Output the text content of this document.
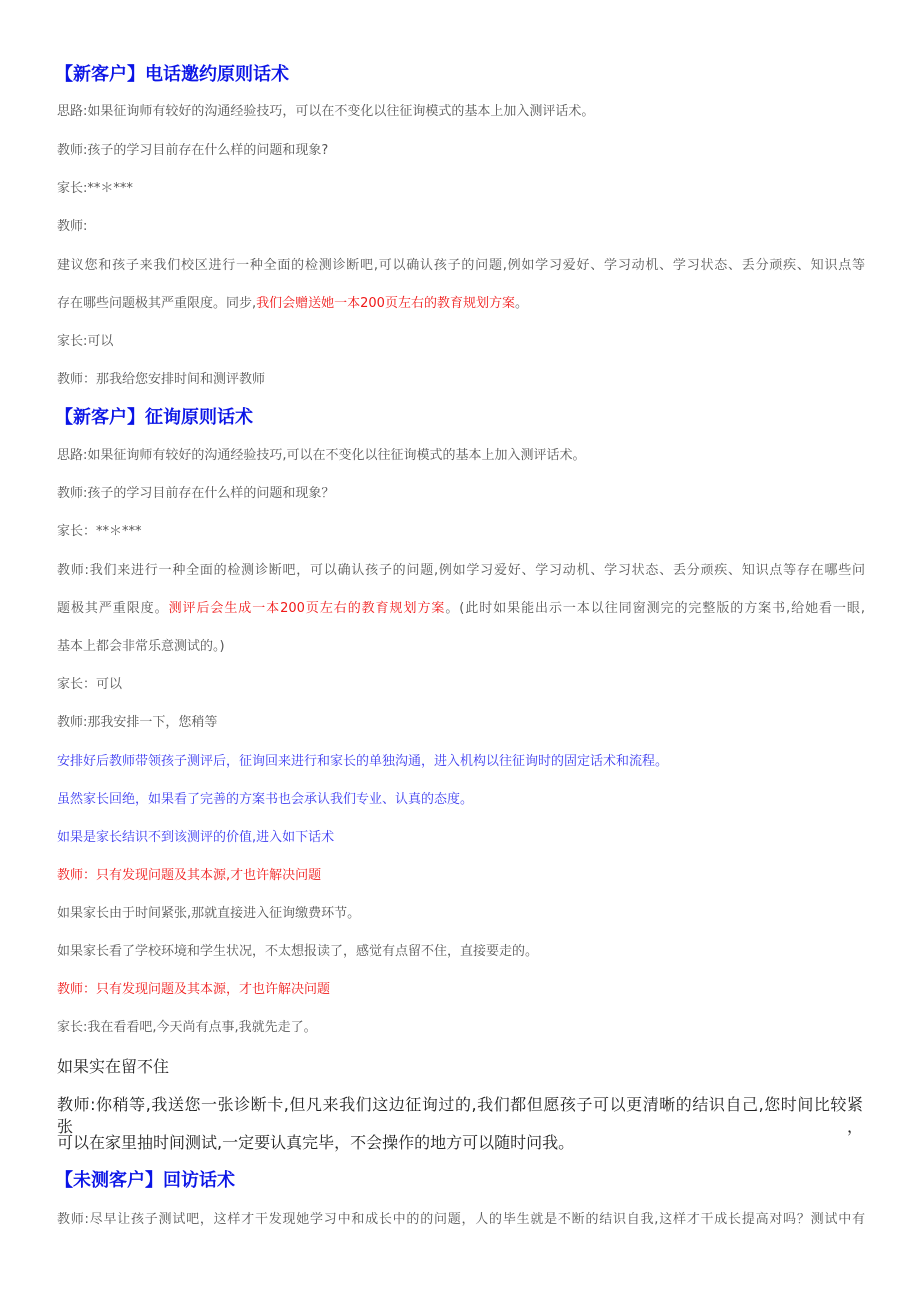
【新客户】电话邀约原则话术
思路:如果征询师有较好的沟通经验技巧，可以在不变化以往征询模式的基本上加入测评话术。
教师:孩子的学习目前存在什么样的问题和现象?
家长:**＊***
教师:
建议您和孩子来我们校区进行一种全面的检测诊断吧,可以确认孩子的问题,例如学习爱好、学习动机、学习状态、丢分顽疾、知识点等
存在哪些问题极其严重限度。同步,我们会赠送她一本200页左右的教育规划方案。
家长:可以
教师：那我给您安排时间和测评教师
【新客户】征询原则话术
思路:如果征询师有较好的沟通经验技巧,可以在不变化以往征询模式的基本上加入测评话术。
教师:孩子的学习目前存在什么样的问题和现象？
家长：**＊***
教师:我们来进行一种全面的检测诊断吧，可以确认孩子的问题,例如学习爱好、学习动机、学习状态、丢分顽疾、知识点等存在哪些问
题极其严重限度。测评后会生成一本200页左右的教育规划方案。(此时如果能出示一本以往同窗测完的完整版的方案书,给她看一眼,
基本上都会非常乐意测试的。)
家长：可以
教师:那我安排一下，您稍等
安排好后教师带领孩子测评后，征询回来进行和家长的单独沟通，进入机构以往征询时的固定话术和流程。
虽然家长回绝，如果看了完善的方案书也会承认我们专业、认真的态度。
如果是家长结识不到该测评的价值,进入如下话术
教师：只有发现问题及其本源,才也许解决问题
如果家长由于时间紧张,那就直接进入征询缴费环节。
如果家长看了学校环境和学生状况，不太想报读了，感觉有点留不住，直接要走的。
教师：只有发现问题及其本源，才也许解决问题
家长:我在看看吧,今天尚有点事,我就先走了。
如果实在留不住
教师:你稍等,我送您一张诊断卡,但凡来我们这边征询过的,我们都但愿孩子可以更清晰的结识自己,您时间比较紧张，
可以在家里抽时间测试,一定要认真完毕，不会操作的地方可以随时问我。
【未测客户】回访话术
教师:尽早让孩子测试吧，这样才干发现她学习中和成长中的的问题，人的毕生就是不断的结识自我,这样才干成长提高对吗？测试中有
